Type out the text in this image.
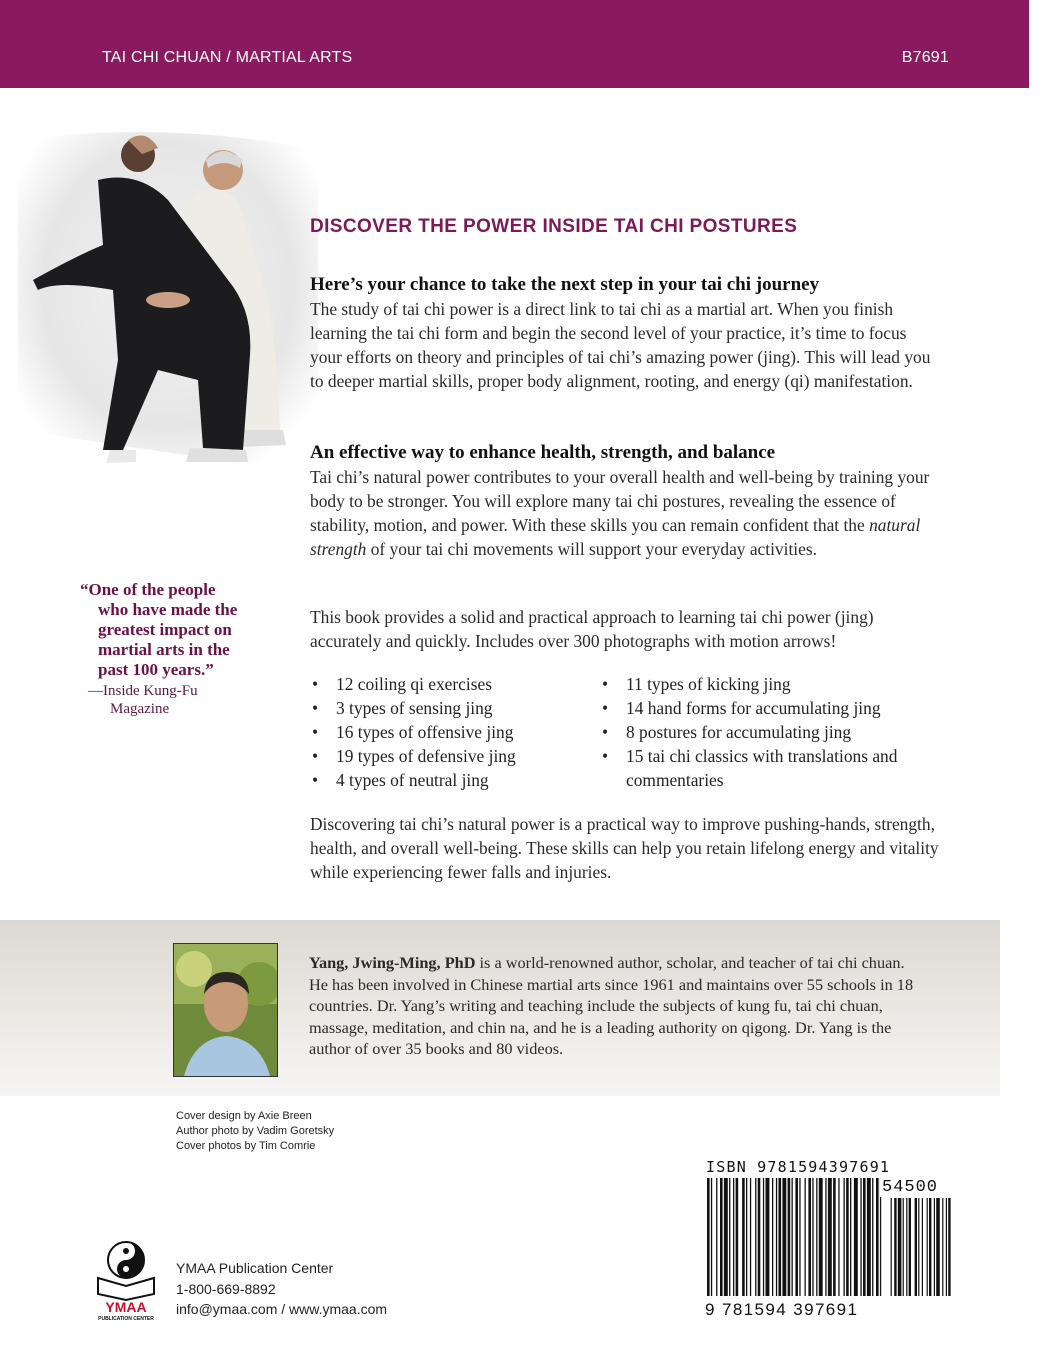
TAI CHI CHUAN / MARTIAL ARTS	B7691
“One of the people
who have made the
greatest impact on
martial arts in the
past 100 years.”
—Inside Kung-Fu
Magazine
DISCOVER THE POWER INSIDE TAI CHI POSTURES
Here’s your chance to take the next step in your tai chi journey
The study of tai chi power is a direct link to tai chi as a martial art. When you finish learning the tai chi form and begin the second level of your practice, it’s time to focus your efforts on theory and principles of tai chi’s amazing power (jing). This will lead you to deeper martial skills, proper body alignment, rooting, and energy (qi) manifestation.
An effective way to enhance health, strength, and balance
Tai chi’s natural power contributes to your overall health and well-being by training your body to be stronger. You will explore many tai chi postures, revealing the essence of stability, motion, and power. With these skills you can remain confident that the natural strength of your tai chi movements will support your everyday activities.
This book provides a solid and practical approach to learning tai chi power (jing) accurately and quickly. Includes over 300 photographs with motion arrows!
• 12 coiling qi exercises
• 3 types of sensing jing
• 16 types of offensive jing
• 19 types of defensive jing
• 4 types of neutral jing
• 11 types of kicking jing
• 14 hand forms for accumulating jing
• 8 postures for accumulating jing
• 15 tai chi classics with translations and commentaries
Discovering tai chi’s natural power is a practical way to improve pushing-hands, strength, health, and overall well-being. These skills can help you retain lifelong energy and vitality while experiencing fewer falls and injuries.
Yang, Jwing-Ming, PhD is a world-renowned author, scholar, and teacher of tai chi chuan. He has been involved in Chinese martial arts since 1961 and maintains over 55 schools in 18 countries. Dr. Yang’s writing and teaching include the subjects of kung fu, tai chi chuan, massage, meditation, and chin na, and he is a leading authority on qigong. Dr. Yang is the author of over 35 books and 80 videos.
Cover design by Axie Breen
Author photo by Vadim Goretsky
Cover photos by Tim Comrie
YMAA
PUBLICATION CENTER
YMAA Publication Center
1-800-669-8892
info@ymaa.com / www.ymaa.com
ISBN 9781594397691
54500
9 781594 397691
